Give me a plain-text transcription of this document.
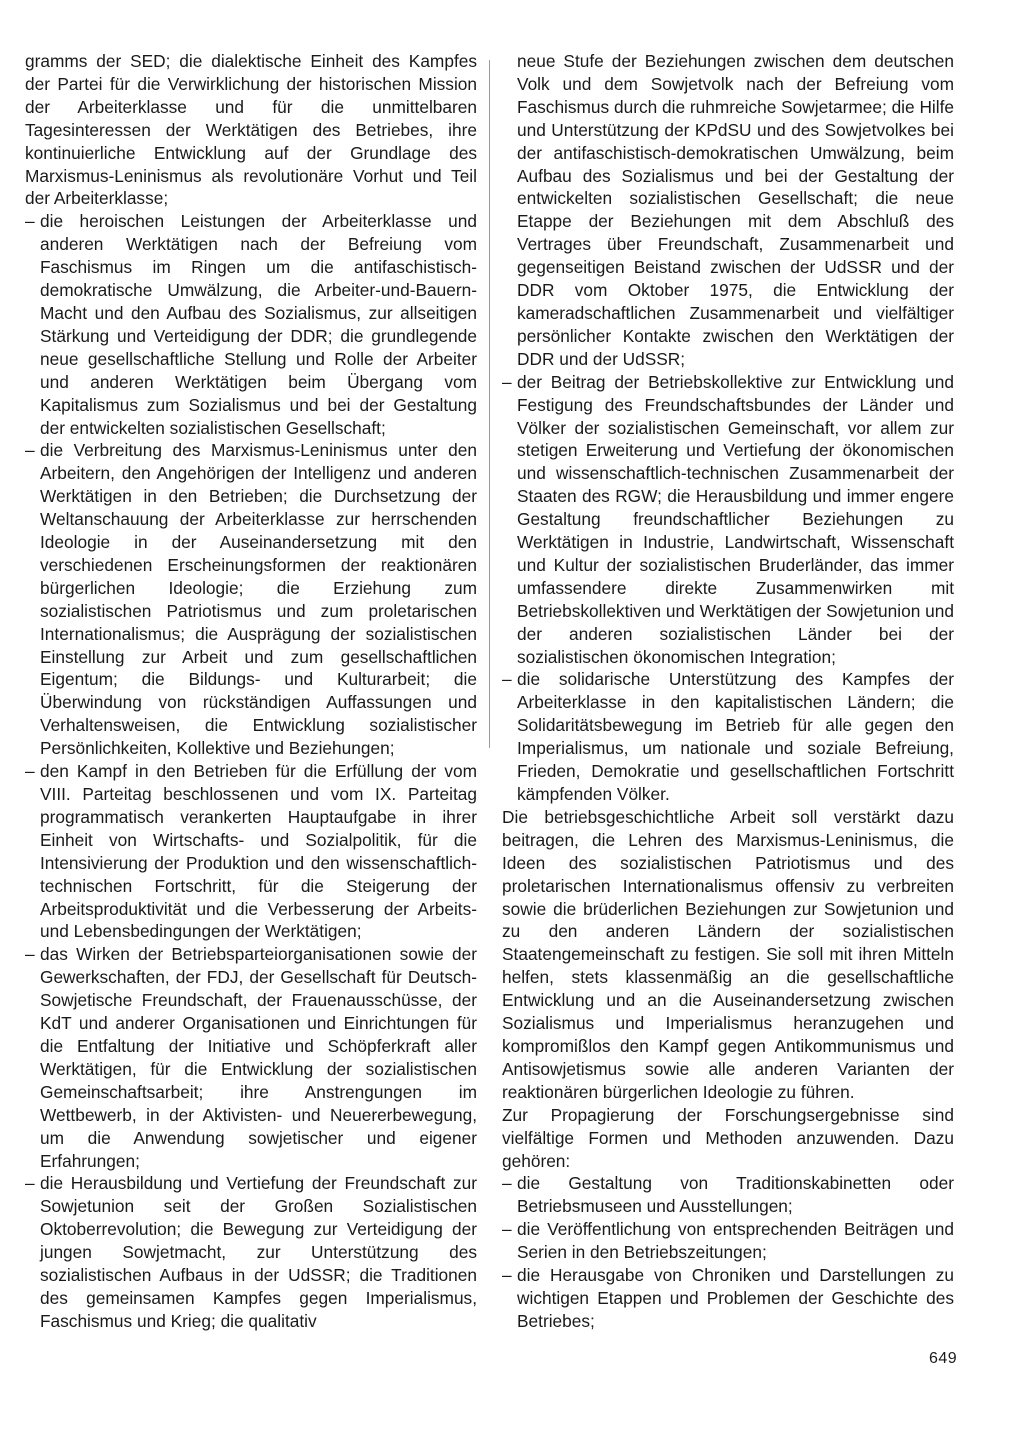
gramms der SED; die dialektische Einheit des Kampfes der Partei für die Verwirklichung der historischen Mission der Arbeiterklasse und für die unmittelbaren Tagesinteressen der Werktätigen des Betriebes, ihre kontinuierliche Entwicklung auf der Grundlage des Marxismus-Leninismus als revolutionäre Vorhut und Teil der Arbeiterklasse;

– die heroischen Leistungen der Arbeiterklasse und anderen Werktätigen nach der Befreiung vom Faschismus im Ringen um die antifaschistisch-demokratische Umwälzung, die Arbeiter-und-Bauern-Macht und den Aufbau des Sozialismus, zur allseitigen Stärkung und Verteidigung der DDR; die grundlegende neue gesellschaftliche Stellung und Rolle der Arbeiter und anderen Werktätigen beim Übergang vom Kapitalismus zum Sozialismus und bei der Gestaltung der entwickelten sozialistischen Gesellschaft;

– die Verbreitung des Marxismus-Leninismus unter den Arbeitern, den Angehörigen der Intelligenz und anderen Werktätigen in den Betrieben; die Durchsetzung der Weltanschauung der Arbeiterklasse zur herrschenden Ideologie in der Auseinandersetzung mit den verschiedenen Erscheinungsformen der reaktionären bürgerlichen Ideologie; die Erziehung zum sozialistischen Patriotismus und zum proletarischen Internationalismus; die Ausprägung der sozialistischen Einstellung zur Arbeit und zum gesellschaftlichen Eigentum; die Bildungs- und Kulturarbeit; die Überwindung von rückständigen Auffassungen und Verhaltensweisen, die Entwicklung sozialistischer Persönlichkeiten, Kollektive und Beziehungen;

– den Kampf in den Betrieben für die Erfüllung der vom VIII. Parteitag beschlossenen und vom IX. Parteitag programmatisch verankerten Hauptaufgabe in ihrer Einheit von Wirtschafts- und Sozialpolitik, für die Intensivierung der Produktion und den wissenschaftlich-technischen Fortschritt, für die Steigerung der Arbeitsproduktivität und die Verbesserung der Arbeits- und Lebensbedingungen der Werktätigen;

– das Wirken der Betriebsparteiorganisationen sowie der Gewerkschaften, der FDJ, der Gesellschaft für Deutsch-Sowjetische Freundschaft, der Frauenausschüsse, der KdT und anderer Organisationen und Einrichtungen für die Entfaltung der Initiative und Schöpferkraft aller Werktätigen, für die Entwicklung der sozialistischen Gemeinschaftsarbeit; ihre Anstrengungen im Wettbewerb, in der Aktivisten- und Neuererbewegung, um die Anwendung sowjetischer und eigener Erfahrungen;

– die Herausbildung und Vertiefung der Freundschaft zur Sowjetunion seit der Großen Sozialistischen Oktoberrevolution; die Bewegung zur Verteidigung der jungen Sowjetmacht, zur Unterstützung des sozialistischen Aufbaus in der UdSSR; die Traditionen des gemeinsamen Kampfes gegen Imperialismus, Faschismus und Krieg; die qualitativ

neue Stufe der Beziehungen zwischen dem deutschen Volk und dem Sowjetvolk nach der Befreiung vom Faschismus durch die ruhmreiche Sowjetarmee; die Hilfe und Unterstützung der KPdSU und des Sowjetvolkes bei der antifaschistisch-demokratischen Umwälzung, beim Aufbau des Sozialismus und bei der Gestaltung der entwickelten sozialistischen Gesellschaft; die neue Etappe der Beziehungen mit dem Abschluß des Vertrages über Freundschaft, Zusammenarbeit und gegenseitigen Beistand zwischen der UdSSR und der DDR vom Oktober 1975, die Entwicklung der kameradschaftlichen Zusammenarbeit und vielfältiger persönlicher Kontakte zwischen den Werktätigen der DDR und der UdSSR;

– der Beitrag der Betriebskollektive zur Entwicklung und Festigung des Freundschaftsbundes der Länder und Völker der sozialistischen Gemeinschaft, vor allem zur stetigen Erweiterung und Vertiefung der ökonomischen und wissenschaftlich-technischen Zusammenarbeit der Staaten des RGW; die Herausbildung und immer engere Gestaltung freundschaftlicher Beziehungen zu Werktätigen in Industrie, Landwirtschaft, Wissenschaft und Kultur der sozialistischen Bruderländer, das immer umfassendere direkte Zusammenwirken mit Betriebskollektiven und Werktätigen der Sowjetunion und der anderen sozialistischen Länder bei der sozialistischen ökonomischen Integration;

– die solidarische Unterstützung des Kampfes der Arbeiterklasse in den kapitalistischen Ländern; die Solidaritätsbewegung im Betrieb für alle gegen den Imperialismus, um nationale und soziale Befreiung, Frieden, Demokratie und gesellschaftlichen Fortschritt kämpfenden Völker.

Die betriebsgeschichtliche Arbeit soll verstärkt dazu beitragen, die Lehren des Marxismus-Leninismus, die Ideen des sozialistischen Patriotismus und des proletarischen Internationalismus offensiv zu verbreiten sowie die brüderlichen Beziehungen zur Sowjetunion und zu den anderen Ländern der sozialistischen Staatengemeinschaft zu festigen. Sie soll mit ihren Mitteln helfen, stets klassenmäßig an die gesellschaftliche Entwicklung und an die Auseinandersetzung zwischen Sozialismus und Imperialismus heranzugehen und kompromißlos den Kampf gegen Antikommunismus und Antisowjetismus sowie alle anderen Varianten der reaktionären bürgerlichen Ideologie zu führen.

Zur Propagierung der Forschungsergebnisse sind vielfältige Formen und Methoden anzuwenden. Dazu gehören:

– die Gestaltung von Traditionskabinetten oder Betriebsmuseen und Ausstellungen;

– die Veröffentlichung von entsprechenden Beiträgen und Serien in den Betriebszeitungen;

– die Herausgabe von Chroniken und Darstellungen zu wichtigen Etappen und Problemen der Geschichte des Betriebes;

649
